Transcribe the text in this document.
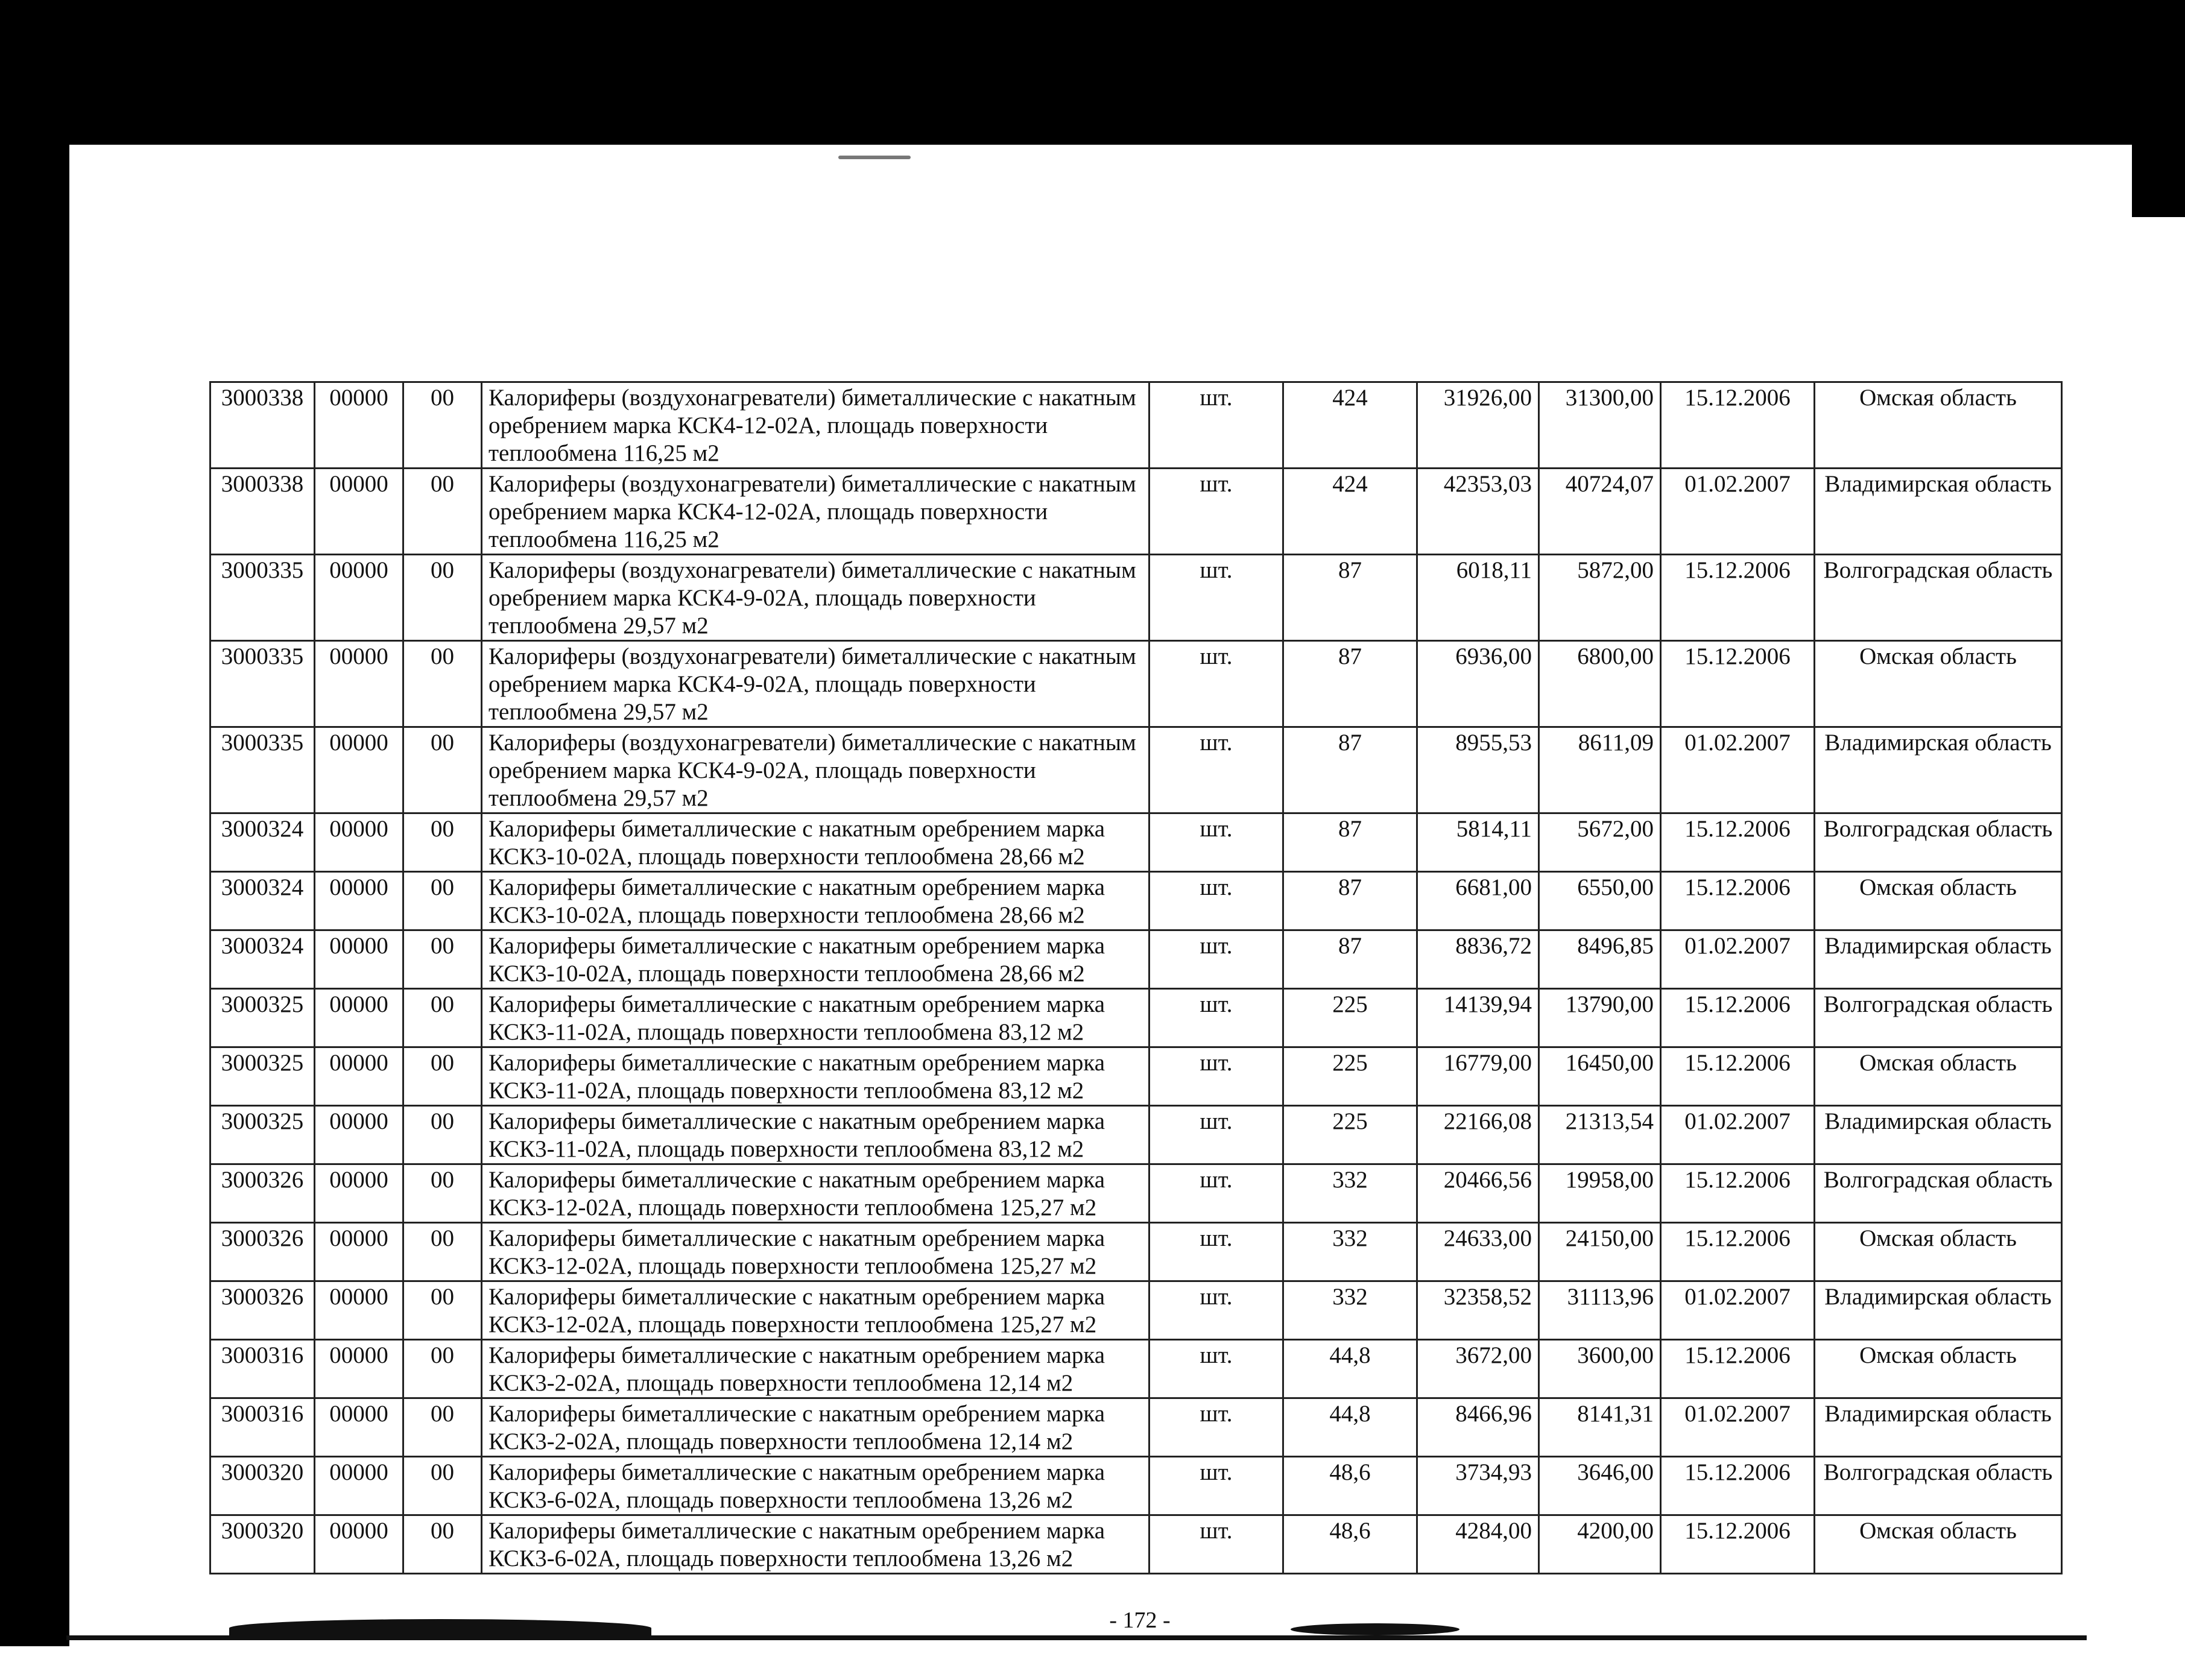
3000338	00000	00	Калориферы (воздухонагреватели) биметаллические с накатным оребрением марка КСК4-12-02А, площадь поверхности теплообмена 116,25 м2	шт.	424	31926,00	31300,00	15.12.2006	Омская область
3000338	00000	00	Калориферы (воздухонагреватели) биметаллические с накатным оребрением марка КСК4-12-02А, площадь поверхности теплообмена 116,25 м2	шт.	424	42353,03	40724,07	01.02.2007	Владимирская область
3000335	00000	00	Калориферы (воздухонагреватели) биметаллические с накатным оребрением марка КСК4-9-02А, площадь поверхности теплообмена 29,57 м2	шт.	87	6018,11	5872,00	15.12.2006	Волгоградская область
3000335	00000	00	Калориферы (воздухонагреватели) биметаллические с накатным оребрением марка КСК4-9-02А, площадь поверхности теплообмена 29,57 м2	шт.	87	6936,00	6800,00	15.12.2006	Омская область
3000335	00000	00	Калориферы (воздухонагреватели) биметаллические с накатным оребрением марка КСК4-9-02А, площадь поверхности теплообмена 29,57 м2	шт.	87	8955,53	8611,09	01.02.2007	Владимирская область
3000324	00000	00	Калориферы биметаллические с накатным оребрением марка КСК3-10-02А, площадь поверхности теплообмена 28,66 м2	шт.	87	5814,11	5672,00	15.12.2006	Волгоградская область
3000324	00000	00	Калориферы биметаллические с накатным оребрением марка КСК3-10-02А, площадь поверхности теплообмена 28,66 м2	шт.	87	6681,00	6550,00	15.12.2006	Омская область
3000324	00000	00	Калориферы биметаллические с накатным оребрением марка КСК3-10-02А, площадь поверхности теплообмена 28,66 м2	шт.	87	8836,72	8496,85	01.02.2007	Владимирская область
3000325	00000	00	Калориферы биметаллические с накатным оребрением марка КСК3-11-02А, площадь поверхности теплообмена 83,12 м2	шт.	225	14139,94	13790,00	15.12.2006	Волгоградская область
3000325	00000	00	Калориферы биметаллические с накатным оребрением марка КСК3-11-02А, площадь поверхности теплообмена 83,12 м2	шт.	225	16779,00	16450,00	15.12.2006	Омская область
3000325	00000	00	Калориферы биметаллические с накатным оребрением марка КСК3-11-02А, площадь поверхности теплообмена 83,12 м2	шт.	225	22166,08	21313,54	01.02.2007	Владимирская область
3000326	00000	00	Калориферы биметаллические с накатным оребрением марка КСК3-12-02А, площадь поверхности теплообмена 125,27 м2	шт.	332	20466,56	19958,00	15.12.2006	Волгоградская область
3000326	00000	00	Калориферы биметаллические с накатным оребрением марка КСК3-12-02А, площадь поверхности теплообмена 125,27 м2	шт.	332	24633,00	24150,00	15.12.2006	Омская область
3000326	00000	00	Калориферы биметаллические с накатным оребрением марка КСК3-12-02А, площадь поверхности теплообмена 125,27 м2	шт.	332	32358,52	31113,96	01.02.2007	Владимирская область
3000316	00000	00	Калориферы биметаллические с накатным оребрением марка КСК3-2-02А, площадь поверхности теплообмена 12,14 м2	шт.	44,8	3672,00	3600,00	15.12.2006	Омская область
3000316	00000	00	Калориферы биметаллические с накатным оребрением марка КСК3-2-02А, площадь поверхности теплообмена 12,14 м2	шт.	44,8	8466,96	8141,31	01.02.2007	Владимирская область
3000320	00000	00	Калориферы биметаллические с накатным оребрением марка КСК3-6-02А, площадь поверхности теплообмена 13,26 м2	шт.	48,6	3734,93	3646,00	15.12.2006	Волгоградская область
3000320	00000	00	Калориферы биметаллические с накатным оребрением марка КСК3-6-02А, площадь поверхности теплообмена 13,26 м2	шт.	48,6	4284,00	4200,00	15.12.2006	Омская область
- 172 -
